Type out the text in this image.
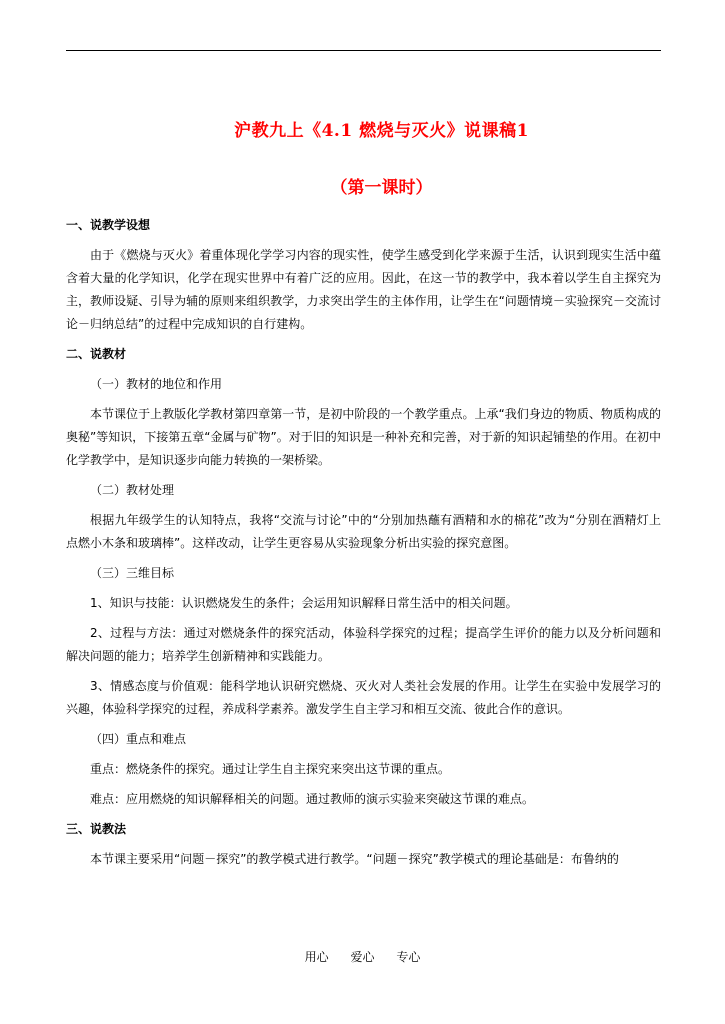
沪教九上《4.1 燃烧与灭火》说课稿1
（第一课时）

一、说教学设想

由于《燃烧与灭火》着重体现化学学习内容的现实性，使学生感受到化学来源于生活，认识到现实生活中蕴含着大量的化学知识，化学在现实世界中有着广泛的应用。因此，在这一节的教学中，我本着以学生自主探究为主，教师设疑、引导为辅的原则来组织教学，力求突出学生的主体作用，让学生在“问题情境－实验探究－交流讨论－归纳总结”的过程中完成知识的自行建构。

二、说教材

（一）教材的地位和作用

本节课位于上教版化学教材第四章第一节，是初中阶段的一个教学重点。上承“我们身边的物质、物质构成的奥秘”等知识，下接第五章“金属与矿物”。对于旧的知识是一种补充和完善，对于新的知识起铺垫的作用。在初中化学教学中，是知识逐步向能力转换的一架桥梁。

（二）教材处理

根据九年级学生的认知特点，我将“交流与讨论”中的“分别加热蘸有酒精和水的棉花”改为“分别在酒精灯上点燃小木条和玻璃棒”。这样改动，让学生更容易从实验现象分析出实验的探究意图。

（三）三维目标

1、知识与技能：认识燃烧发生的条件；会运用知识解释日常生活中的相关问题。

2、过程与方法：通过对燃烧条件的探究活动，体验科学探究的过程；提高学生评价的能力以及分析问题和解决问题的能力；培养学生创新精神和实践能力。

3、情感态度与价值观：能科学地认识研究燃烧、灭火对人类社会发展的作用。让学生在实验中发展学习的兴趣，体验科学探究的过程，养成科学素养。激发学生自主学习和相互交流、彼此合作的意识。

（四）重点和难点

重点：燃烧条件的探究。通过让学生自主探究来突出这节课的重点。

难点：应用燃烧的知识解释相关的问题。通过教师的演示实验来突破这节课的难点。

三、说教法

本节课主要采用“问题－探究”的教学模式进行教学。“问题－探究”教学模式的理论基础是：布鲁纳的

用心 爱心 专心
